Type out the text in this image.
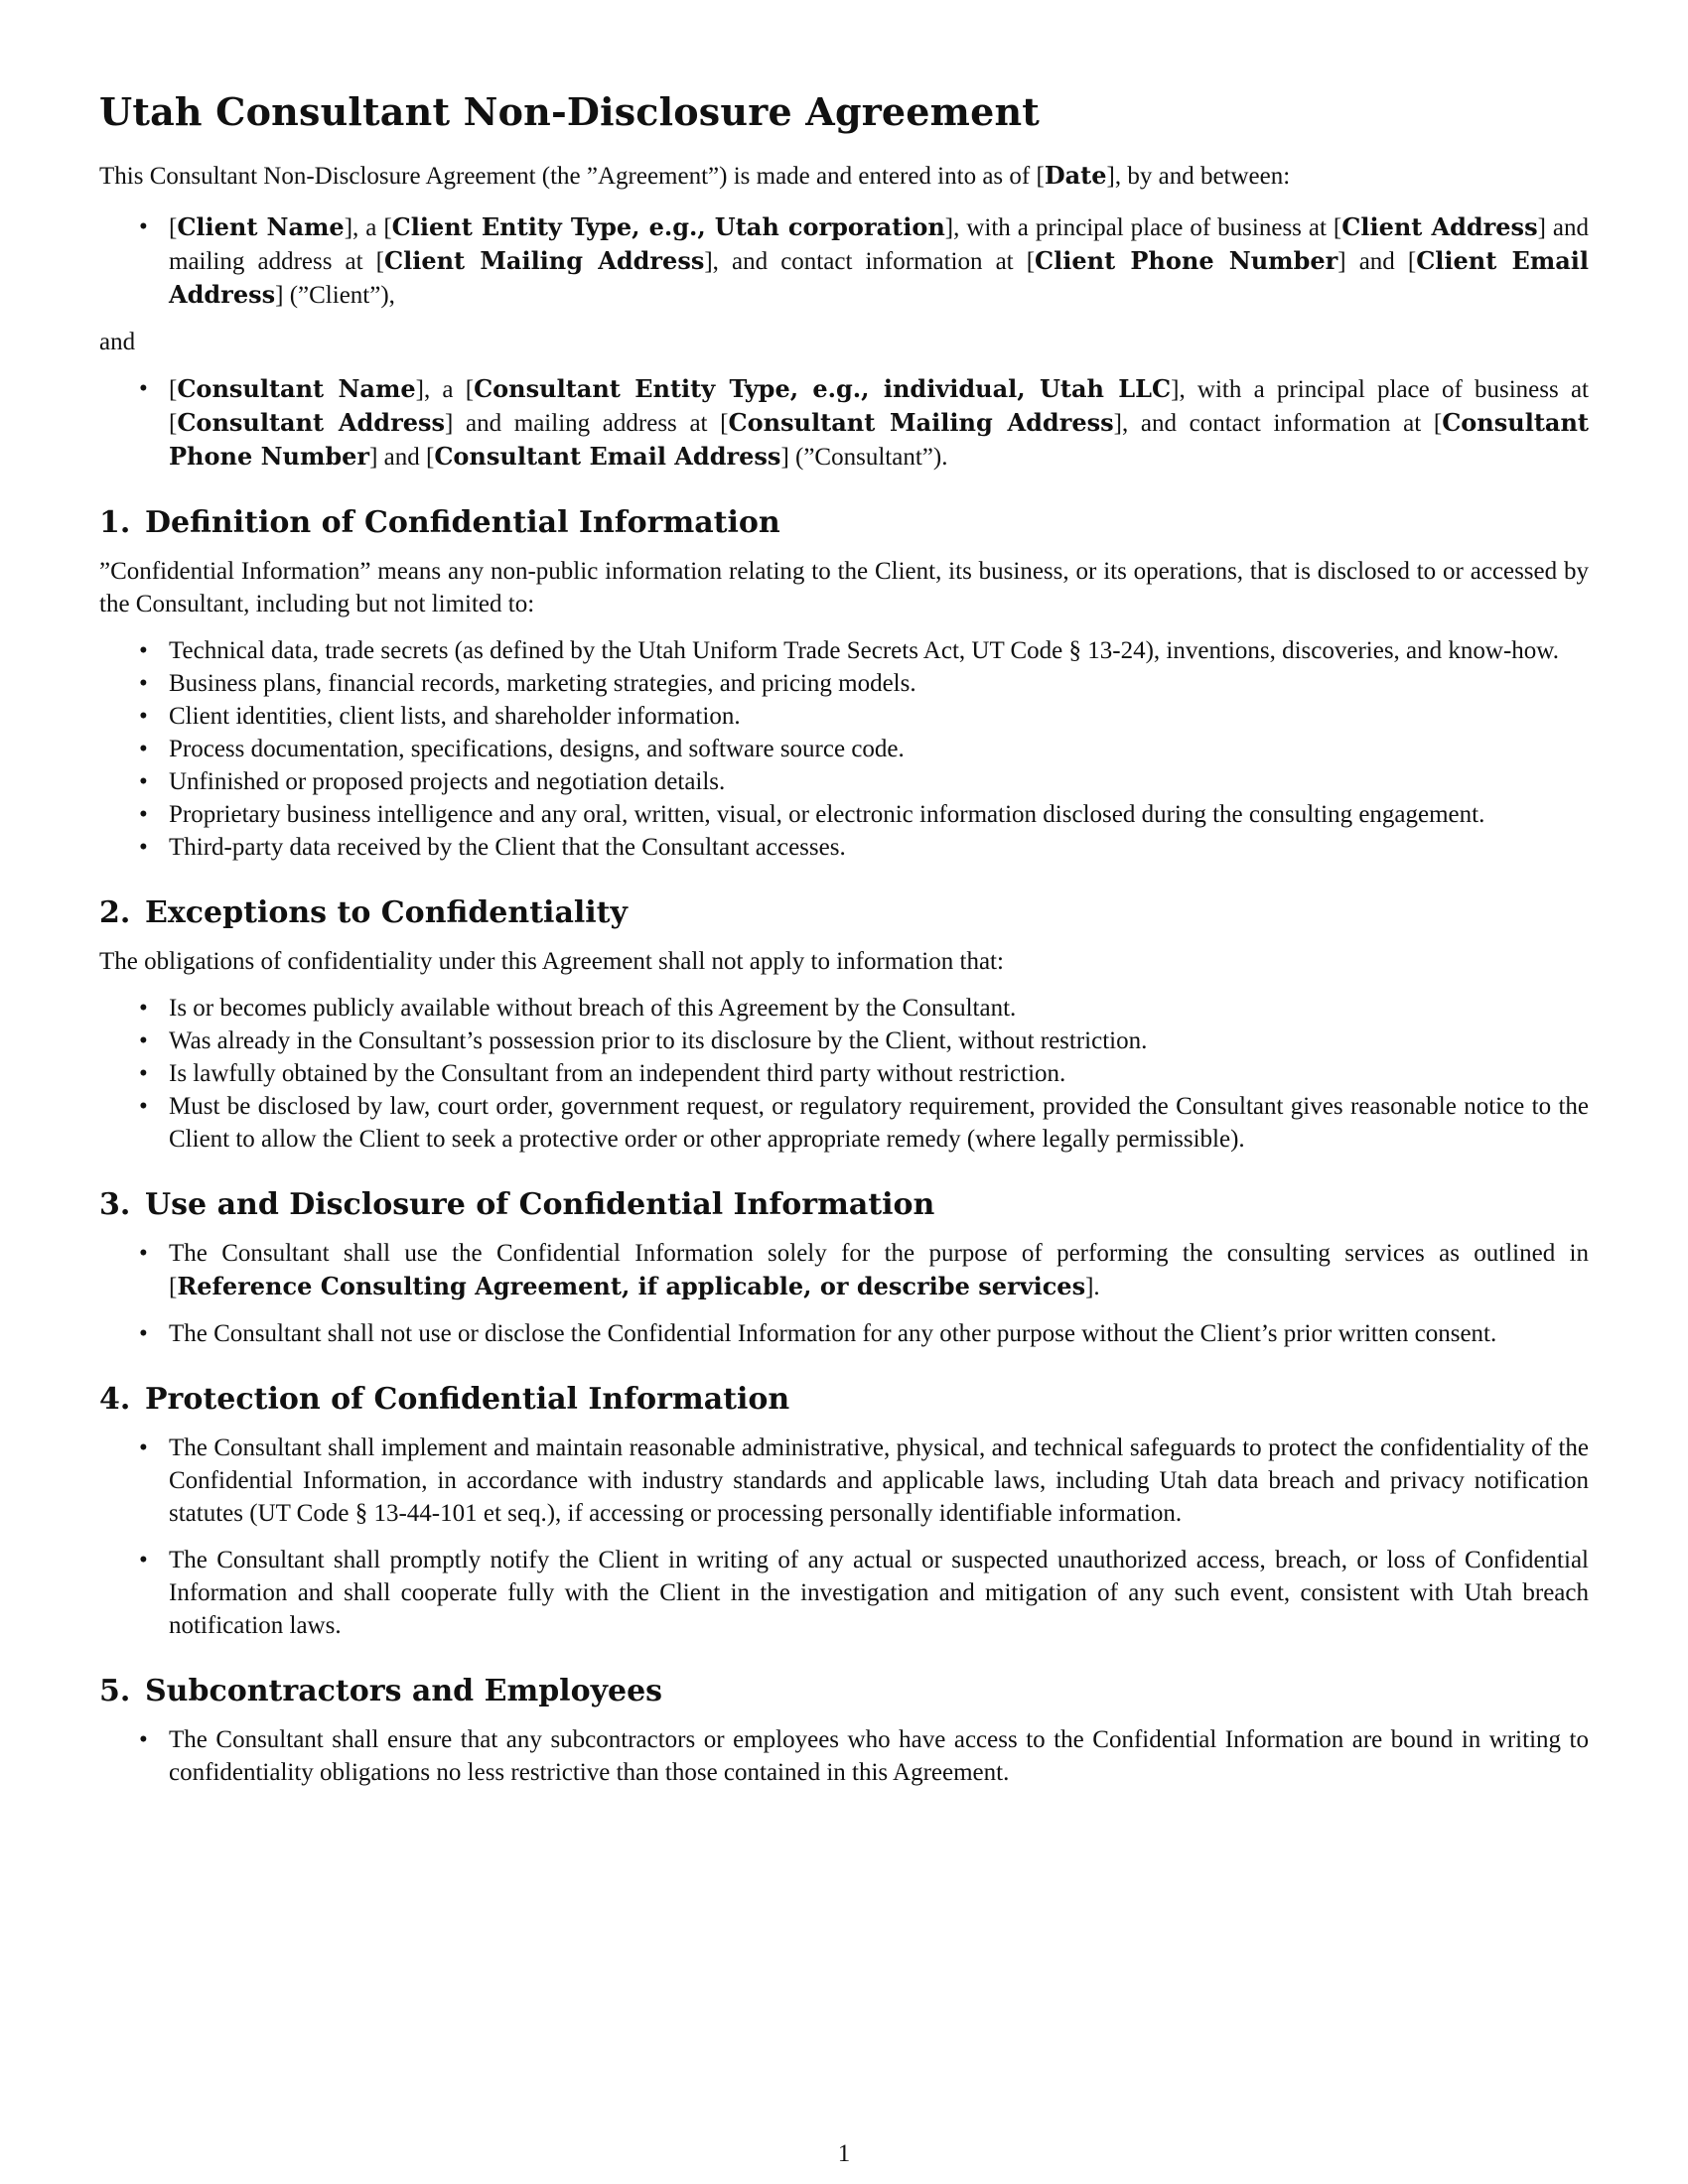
Utah Consultant Non-Disclosure Agreement

This Consultant Non-Disclosure Agreement (the ”Agreement”) is made and entered into as of [Date], by and between:

• [Client Name], a [Client Entity Type, e.g., Utah corporation], with a principal place of business at [Client Address] and mailing address at [Client Mailing Address], and contact information at [Client Phone Number] and [Client Email Address] (”Client”),

and

• [Consultant Name], a [Consultant Entity Type, e.g., individual, Utah LLC], with a principal place of business at [Consultant Address] and mailing address at [Consultant Mailing Address], and contact information at [Consultant Phone Number] and [Consultant Email Address] (”Consultant”).
1. Definition of Confidential Information

”Confidential Information” means any non-public information relating to the Client, its business, or its operations, that is disclosed to or accessed by the Consultant, including but not limited to:

• Technical data, trade secrets (as defined by the Utah Uniform Trade Secrets Act, UT Code § 13-24), inventions, discoveries, and know-how.
• Business plans, financial records, marketing strategies, and pricing models.
• Client identities, client lists, and shareholder information.
• Process documentation, specifications, designs, and software source code.
• Unfinished or proposed projects and negotiation details.
• Proprietary business intelligence and any oral, written, visual, or electronic information disclosed during the consulting engagement.
• Third-party data received by the Client that the Consultant accesses.
2. Exceptions to Confidentiality

The obligations of confidentiality under this Agreement shall not apply to information that:

• Is or becomes publicly available without breach of this Agreement by the Consultant.
• Was already in the Consultant’s possession prior to its disclosure by the Client, without restriction.
• Is lawfully obtained by the Consultant from an independent third party without restriction.
• Must be disclosed by law, court order, government request, or regulatory requirement, provided the Consultant gives reasonable notice to the Client to allow the Client to seek a protective order or other appropriate remedy (where legally permissible).
3. Use and Disclosure of Confidential Information
• The Consultant shall use the Confidential Information solely for the purpose of performing the consulting services as outlined in [Reference Consulting Agreement, if applicable, or describe services].
• The Consultant shall not use or disclose the Confidential Information for any other purpose without the Client’s prior written consent.
4. Protection of Confidential Information
• The Consultant shall implement and maintain reasonable administrative, physical, and technical safeguards to protect the confidentiality of the Confidential Information, in accordance with industry standards and applicable laws, including Utah data breach and privacy notification statutes (UT Code § 13-44-101 et seq.), if accessing or processing personally identifiable information.
• The Consultant shall promptly notify the Client in writing of any actual or suspected unauthorized access, breach, or loss of Confidential Information and shall cooperate fully with the Client in the investigation and mitigation of any such event, consistent with Utah breach notification laws.
5. Subcontractors and Employees
• The Consultant shall ensure that any subcontractors or employees who have access to the Confidential Information are bound in writing to confidentiality obligations no less restrictive than those contained in this Agreement.
1
